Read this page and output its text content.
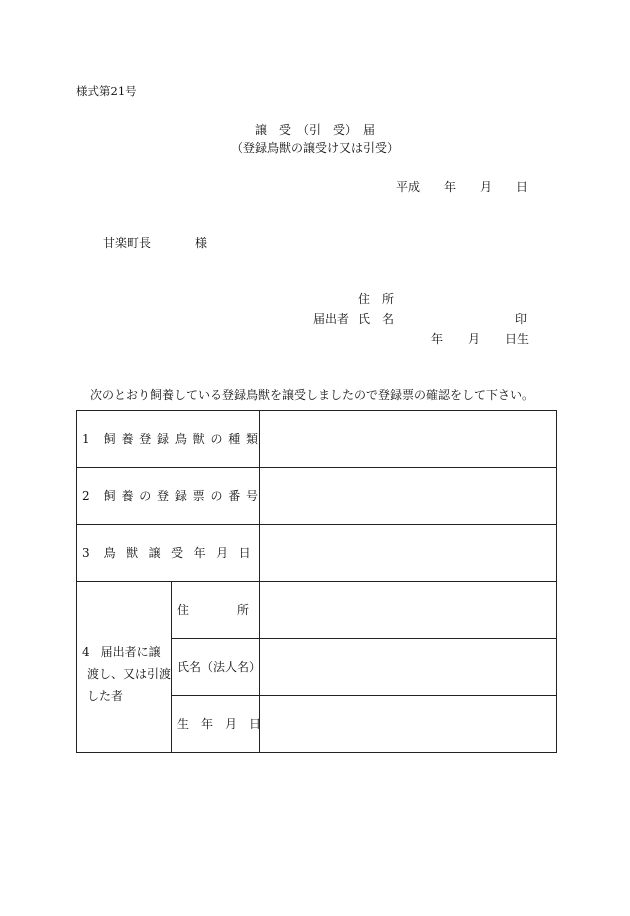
様式第21号
譲　受　（引　受）　届
（登録鳥獣の譲受け又は引受）
平成 年 月 日
甘楽町長	様
住　所
届出者 氏　名	印
年 月 日生
次のとおり飼養している登録鳥獣を譲受しましたので登録票の確認をして下さい。
1 飼養登録鳥獣の種類
2 飼養の登録票の番号
3 鳥獣譲受年月日
4 届出者に譲
渡し、又は引渡
した者
住　　　　所
氏名（法人名）
生　年　月　日
